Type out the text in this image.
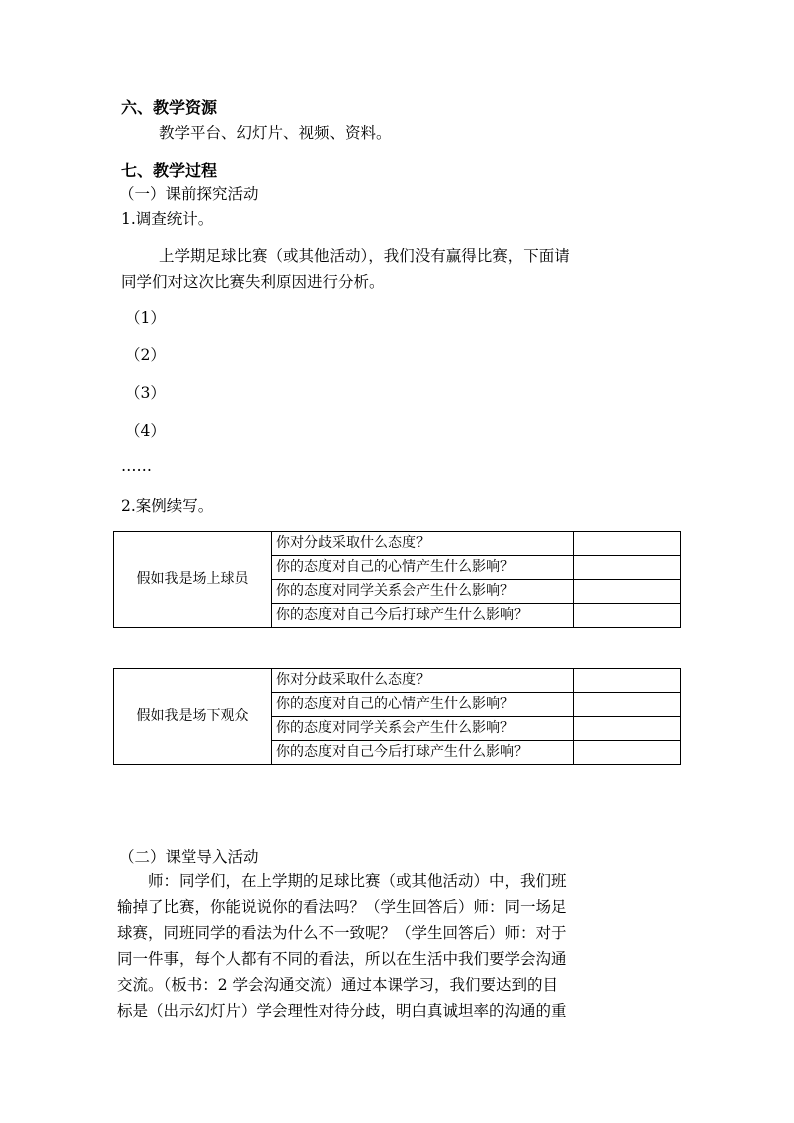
六、教学资源
教学平台、幻灯片、视频、资料。
七、教学过程
（一）课前探究活动
1.调查统计。
上学期足球比赛（或其他活动），我们没有赢得比赛，下面请
同学们对这次比赛失利原因进行分析。
（1）
（2）
（3）
（4）
……
2.案例续写。
假如我是场上球员	你对分歧采取什么态度？	
	你的态度对自己的心情产生什么影响？	
	你的态度对同学关系会产生什么影响？	
	你的态度对自己今后打球产生什么影响？	
假如我是场下观众	你对分歧采取什么态度？	
	你的态度对自己的心情产生什么影响？	
	你的态度对同学关系会产生什么影响？	
	你的态度对自己今后打球产生什么影响？	
（二）课堂导入活动
　　师：同学们，在上学期的足球比赛（或其他活动）中，我们班
输掉了比赛，你能说说你的看法吗？（学生回答后）师：同一场足
球赛，同班同学的看法为什么不一致呢？（学生回答后）师：对于
同一件事，每个人都有不同的看法，所以在生活中我们要学会沟通
交流。（板书：2 学会沟通交流）通过本课学习，我们要达到的目
标是（出示幻灯片）学会理性对待分歧，明白真诚坦率的沟通的重
